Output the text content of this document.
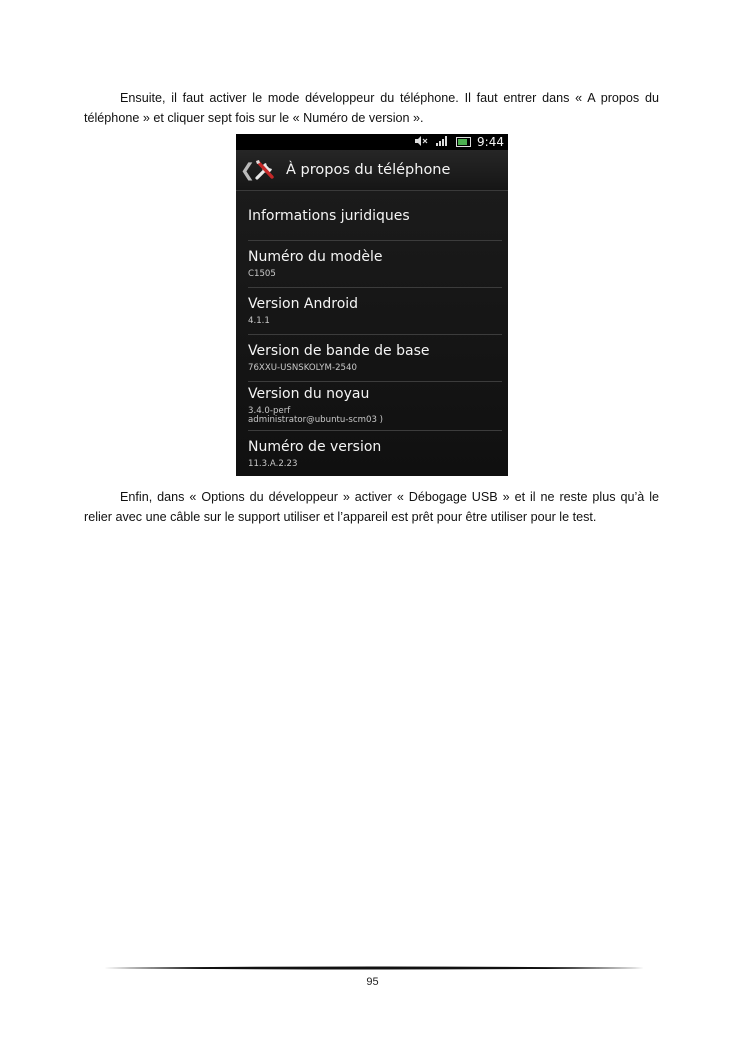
Ensuite, il faut activer le mode développeur du téléphone. Il faut entrer dans « A propos du téléphone » et cliquer sept fois sur le « Numéro de version ».

9:44
❮ À propos du téléphone
Informations juridiques
Numéro du modèle
C1505
Version Android
4.1.1
Version de bande de base
76XXU-USNSKOLYM-2540
Version du noyau
3.4.0-perf
administrator@ubuntu-scm03 )
Numéro de version
11.3.A.2.23

Enfin, dans « Options du développeur » activer « Débogage USB » et il ne reste plus qu’à le relier avec une câble sur le support utiliser et l’appareil est prêt pour être utiliser pour le test.

95
